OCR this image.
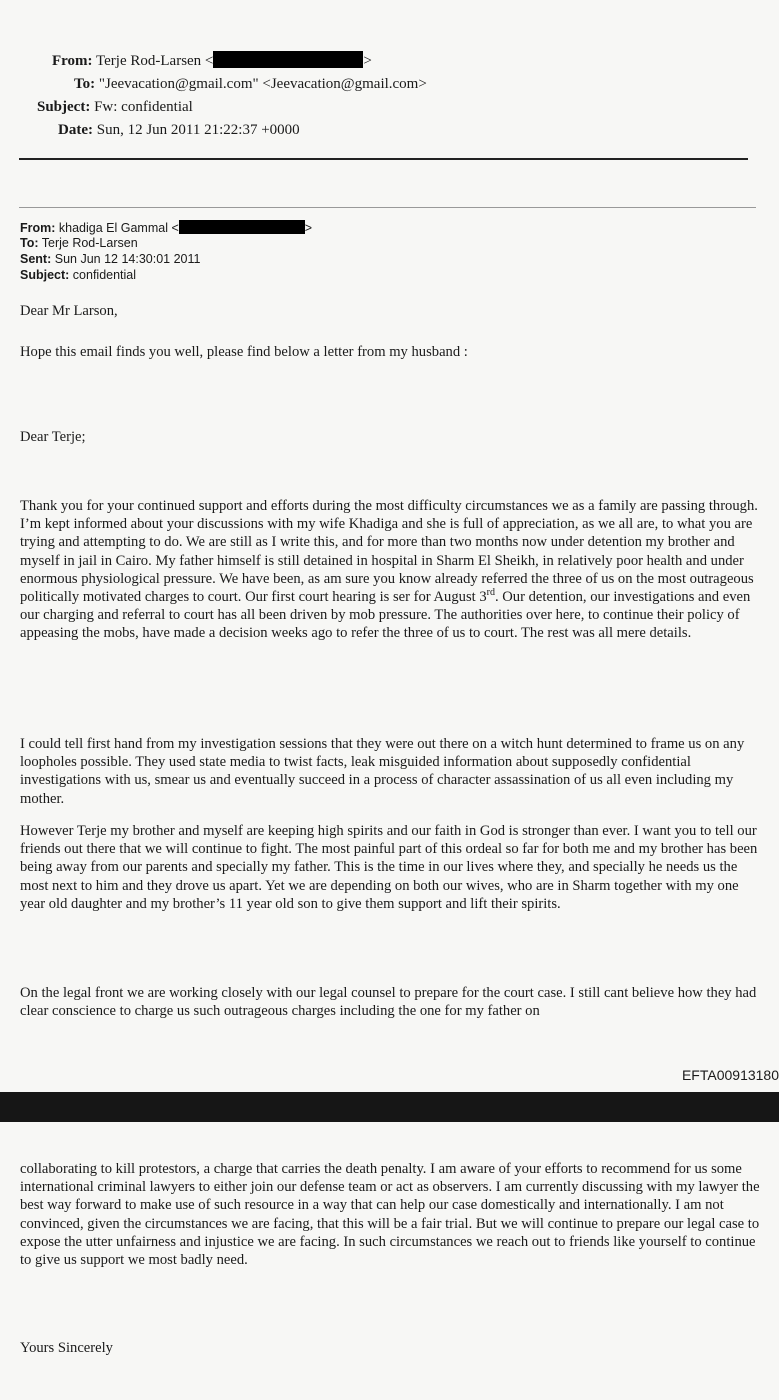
From: Terje Rod-Larsen <	>
To: "Jeevacation@gmail.com" <Jeevacation@gmail.com>
Subject: Fw: confidential
Date: Sun, 12 Jun 2011 21:22:37 +0000
From: khadiga El Gammal <	>
To: Terje Rod-Larsen
Sent: Sun Jun 12 14:30:01 2011
Subject: confidential
Dear Mr Larson,
Hope this email finds you well, please find below a letter from my husband :
Dear Terje;
Thank you for your continued support and efforts during the most difficulty circumstances we as a family are passing through. I’m kept informed about your discussions with my wife Khadiga and she is full of appreciation, as we all are, to what you are trying and attempting to do. We are still as I write this, and for more than two months now under detention my brother and myself in jail in Cairo. My father himself is still detained in hospital in Sharm El Sheikh, in relatively poor health and under enormous physiological pressure. We have been, as am sure you know already referred the three of us on the most outrageous politically motivated charges to court. Our first court hearing is ser for August 3rd. Our detention, our investigations and even our charging and referral to court has all been driven by mob pressure. The authorities over here, to continue their policy of appeasing the mobs, have made a decision weeks ago to refer the three of us to court. The rest was all mere details.
I could tell first hand from my investigation sessions that they were out there on a witch hunt determined to frame us on any loopholes possible. They used state media to twist facts, leak misguided information about supposedly confidential investigations with us, smear us and eventually succeed in a process of character assassination of us all even including my mother.
However Terje my brother and myself are keeping high spirits and our faith in God is stronger than ever. I want you to tell our friends out there that we will continue to fight. The most painful part of this ordeal so far for both me and my brother has been being away from our parents and specially my father. This is the time in our lives where they, and specially he needs us the most next to him and they drove us apart. Yet we are depending on both our wives, who are in Sharm together with my one year old daughter and my brother’s 11 year old son to give them support and lift their spirits.
On the legal front we are working closely with our legal counsel to prepare for the court case. I still cant believe how they had clear conscience to charge us such outrageous charges including the one for my father on
EFTA00913180
collaborating to kill protestors, a charge that carries the death penalty. I am aware of your efforts to recommend for us some international criminal lawyers to either join our defense team or act as observers. I am currently discussing with my lawyer the best way forward to make use of such resource in a way that can help our case domestically and internationally. I am not convinced, given the circumstances we are facing, that this will be a fair trial. But we will continue to prepare our legal case to expose the utter unfairness and injustice we are facing. In such circumstances we reach out to friends like yourself to continue to give us support we most badly need.
Yours Sincerely
